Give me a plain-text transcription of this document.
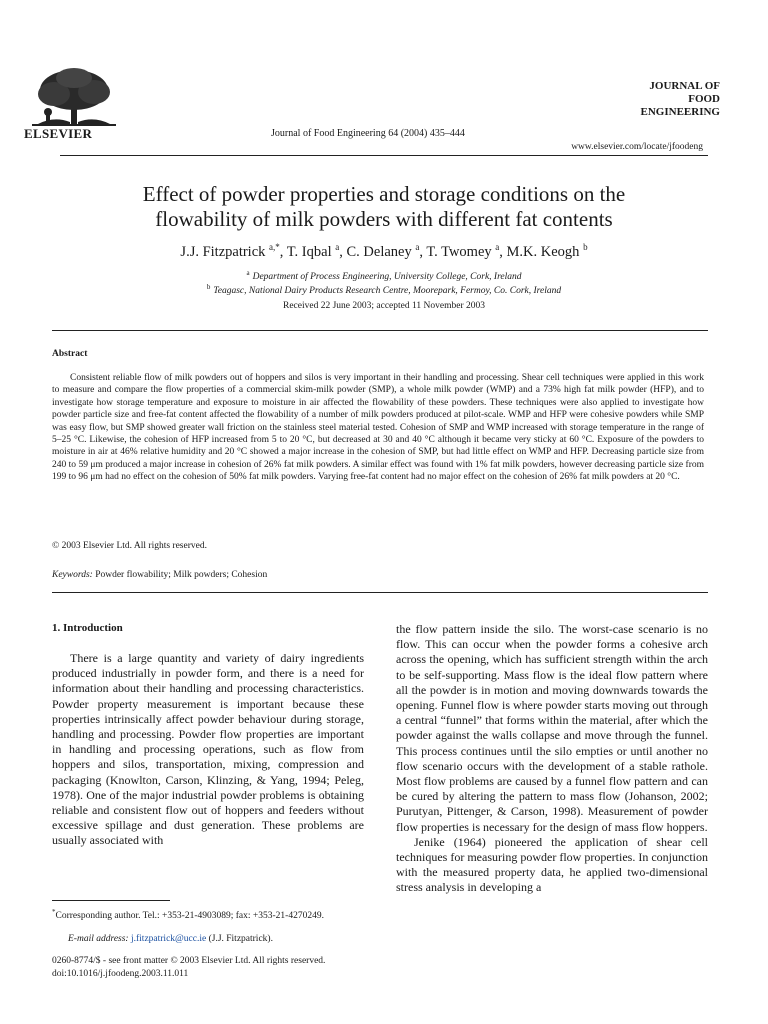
ELSEVIER	Journal of Food Engineering 64 (2004) 435–444
JOURNAL OF
FOOD
ENGINEERING
www.elsevier.com/locate/jfoodeng
Effect of powder properties and storage conditions on the
flowability of milk powders with different fat contents
J.J. Fitzpatrick $^{a,*}$, T. Iqbal $^a$, C. Delaney $^a$, T. Twomey $^a$, M.K. Keogh $^b$
$^a$ Department of Process Engineering, University College, Cork, Ireland
$^b$ Teagasc, National Dairy Products Research Centre, Moorepark, Fermoy, Co. Cork, Ireland
Received 22 June 2003; accepted 11 November 2003
Abstract
Consistent reliable flow of milk powders out of hoppers and silos is very important in their handling and processing. Shear cell techniques were applied in this work to measure and compare the flow properties of a commercial skim-milk powder (SMP), a whole milk powder (WMP) and a 73% high fat milk powder (HFP), and to investigate how storage temperature and exposure to moisture in air affected the flowability of these powders. These techniques were also applied to investigate how powder particle size and free-fat content affected the flowability of a number of milk powders produced at pilot-scale. WMP and HFP were cohesive powders while SMP was easy flow, but SMP showed greater wall friction on the stainless steel material tested. Cohesion of SMP and WMP increased with storage temperature in the range of 5–25 °C. Likewise, the cohesion of HFP increased from 5 to 20 °C, but decreased at 30 and 40 °C although it became very sticky at 60 °C. Exposure of the powders to moisture in air at 46% relative humidity and 20 °C showed a major increase in the cohesion of SMP, but had little effect on WMP and HFP. Decreasing particle size from 240 to 59 μm produced a major increase in cohesion of 26% fat milk powders. A similar effect was found with 1% fat milk powders, however decreasing particle size from 199 to 96 μm had no effect on the cohesion of 50% fat milk powders. Varying free-fat content had no major effect on the cohesion of 26% fat milk powders at 20 °C.
© 2003 Elsevier Ltd. All rights reserved.
Keywords: Powder flowability; Milk powders; Cohesion
1. Introduction
There is a large quantity and variety of dairy ingredients produced industrially in powder form, and there is a need for information about their handling and processing characteristics. Powder property measurement is important because these properties intrinsically affect powder behaviour during storage, handling and processing. Powder flow properties are important in handling and processing operations, such as flow from hoppers and silos, transportation, mixing, compression and packaging (Knowlton, Carson, Klinzing, & Yang, 1994; Peleg, 1978). One of the major industrial powder problems is obtaining reliable and consistent flow out of hoppers and feeders without excessive spillage and dust generation. These problems are usually associated with

the flow pattern inside the silo. The worst-case scenario is no flow. This can occur when the powder forms a cohesive arch across the opening, which has sufficient strength within the arch to be self-supporting. Mass flow is the ideal flow pattern where all the powder is in motion and moving downwards towards the opening. Funnel flow is where powder starts moving out through a central “funnel” that forms within the material, after which the powder against the walls collapse and move through the funnel. This process continues until the silo empties or until another no flow scenario occurs with the development of a stable rathole. Most flow problems are caused by a funnel flow pattern and can be cured by altering the pattern to mass flow (Johanson, 2002; Purutyan, Pittenger, & Carson, 1998). Measurement of powder flow properties is necessary for the design of mass flow hoppers.

Jenike (1964) pioneered the application of shear cell techniques for measuring powder flow properties. In conjunction with the measured property data, he applied two-dimensional stress analysis in developing a

*Corresponding author. Tel.: +353-21-4903089; fax: +353-21-4270249.
E-mail address: j.fitzpatrick@ucc.ie (J.J. Fitzpatrick).
0260-8774/$ - see front matter © 2003 Elsevier Ltd. All rights reserved.
doi:10.1016/j.jfoodeng.2003.11.011
